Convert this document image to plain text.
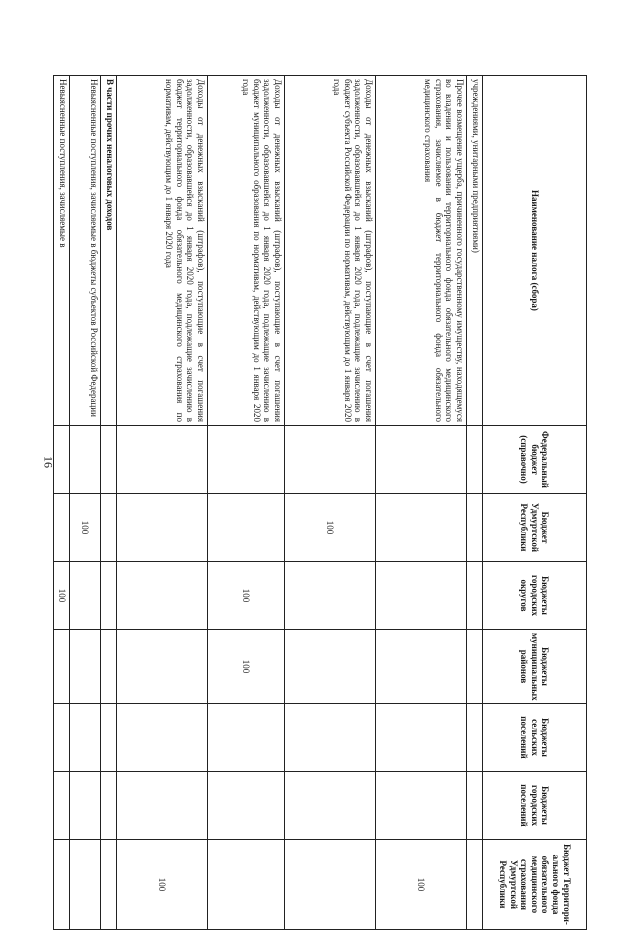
16
Наименование налога (сбора)	Федеральный бюджет (справочно)	Бюджет Удмуртской Республики	Бюджеты городских округов	Бюджеты муниципальных районов	Бюджеты сельских поселений	Бюджеты городских поселений	Бюджет Территори-ального фонда обязательного медицинского страхования Удмуртской Республики
учреждениями, унитарными предприятиями)							
Прочее возмещение ущерба, причиненного государственному имуществу, находящемуся во владении и пользовании территориального фонда обязательного медицинского страхования, зачисляемое в бюджет территориального фонда обязательного медицинского страхования							100
Доходы от денежных взысканий (штрафов), поступающие в счет погашения задолженности, образовавшейся до 1 января 2020 года, подлежащие зачислению в бюджет субъекта Российской Федерации по нормативам, действующим до 1 января 2020 года		100					
Доходы от денежных взысканий (штрафов), поступающие в счет погашения задолженности, образовавшейся до 1 января 2020 года, подлежащие зачислению в бюджет муниципального образования по нормативам, действующим до 1 января 2020 года			100	100			
Доходы от денежных взысканий (штрафов), поступающие в счет погашения задолженности, образовавшейся до 1 января 2020 года, подлежащие зачислению в бюджет территориального фонда обязательного медицинского страхования по нормативам, действующим до 1 января 2020 года							100
В части прочих неналоговых доходов							
Невыясненные поступления, зачисляемые в бюджеты субъектов Российской Федерации		100					
Невыясненные поступления, зачисляемые в			100				
